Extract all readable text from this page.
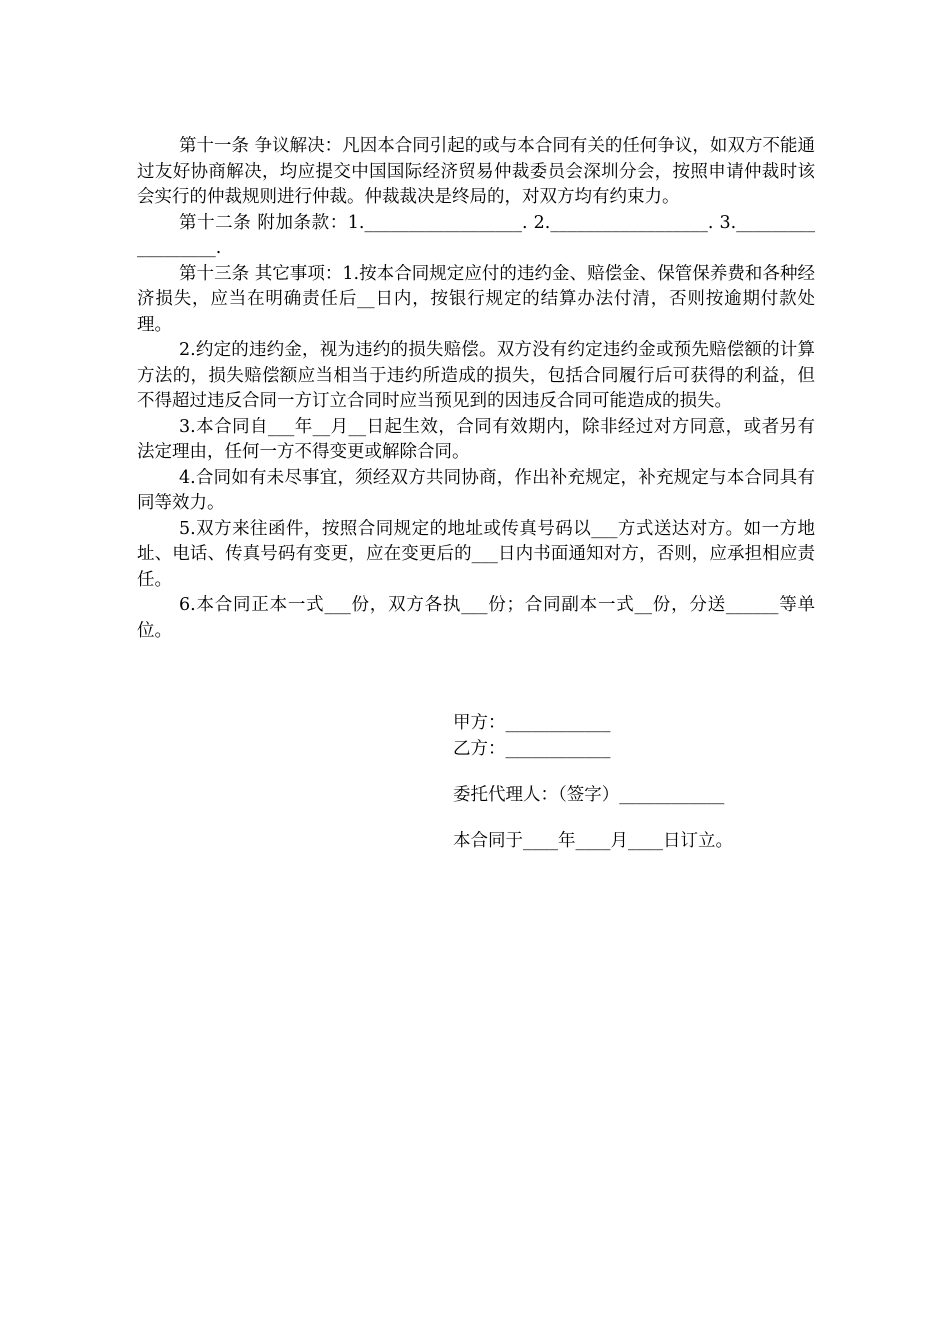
第十一条 争议解决：凡因本合同引起的或与本合同有关的任何争议，如双方不能通过友好协商解决，均应提交中国国际经济贸易仲裁委员会深圳分会，按照申请仲裁时该会实行的仲裁规则进行仲裁。仲裁裁决是终局的，对双方均有约束力。

第十二条 附加条款：1.__________________. 2.__________________. 3.__________________.

第十三条 其它事项：1.按本合同规定应付的违约金、赔偿金、保管保养费和各种经济损失，应当在明确责任后__日内，按银行规定的结算办法付清，否则按逾期付款处理。

2.约定的违约金，视为违约的损失赔偿。双方没有约定违约金或预先赔偿额的计算方法的，损失赔偿额应当相当于违约所造成的损失，包括合同履行后可获得的利益，但不得超过违反合同一方订立合同时应当预见到的因违反合同可能造成的损失。

3.本合同自___年__月__日起生效，合同有效期内，除非经过对方同意，或者另有法定理由，任何一方不得变更或解除合同。

4.合同如有未尽事宜，须经双方共同协商，作出补充规定，补充规定与本合同具有同等效力。

5.双方来往函件，按照合同规定的地址或传真号码以___方式送达对方。如一方地址、电话、传真号码有变更，应在变更后的___日内书面通知对方，否则，应承担相应责任。

6.本合同正本一式___份，双方各执___份；合同副本一式__份，分送______等单位。

甲方：____________

乙方：____________

委托代理人：（签字）____________

本合同于____年____月____日订立。
